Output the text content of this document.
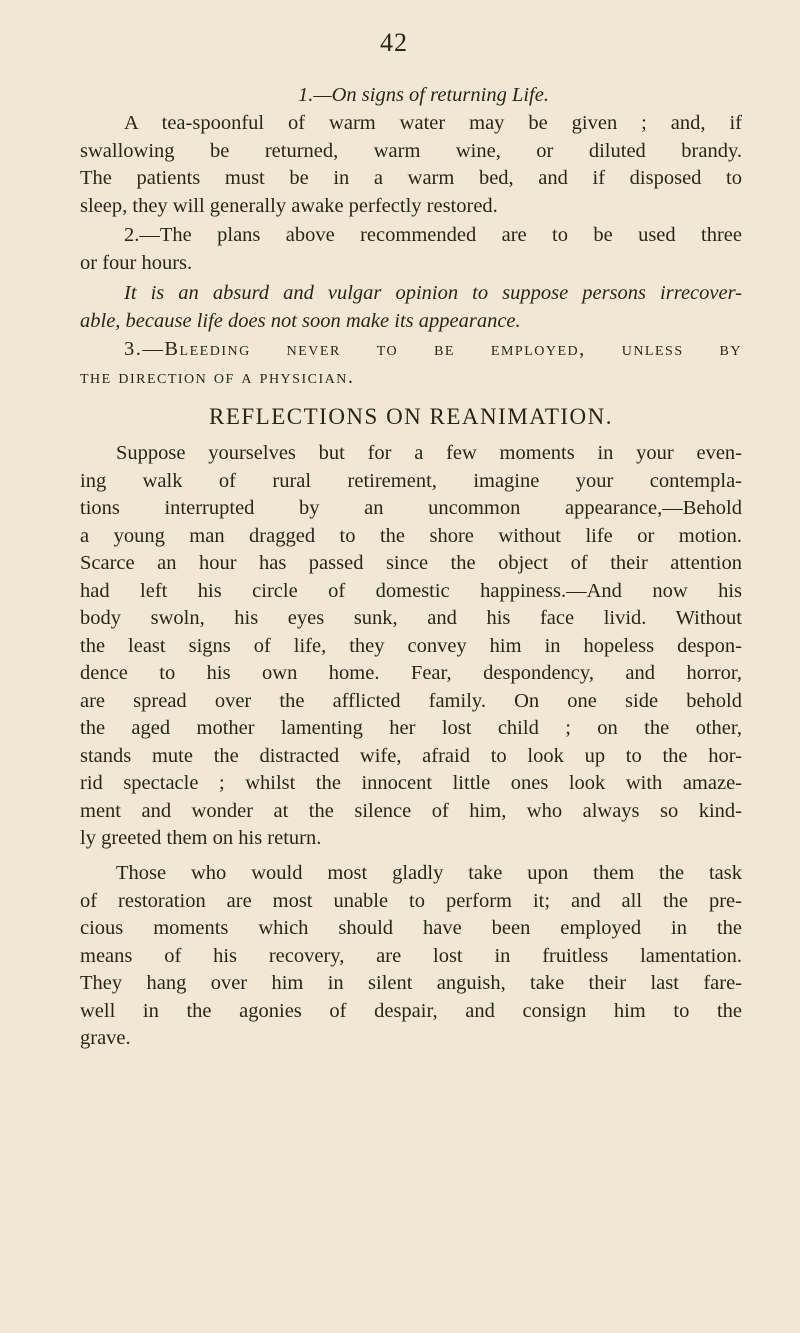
42
1.—On signs of returning Life.
A tea-spoonful of warm water may be given ; and, if
swallowing be returned, warm wine, or diluted brandy.
The patients must be in a warm bed, and if disposed to
sleep, they will generally awake perfectly restored.
2.—The plans above recommended are to be used three
or four hours.
It is an absurd and vulgar opinion to suppose persons irrecover-
able, because life does not soon make its appearance.
3.—Bleeding never to be employed, unless by
the direction of a physician.
REFLECTIONS ON REANIMATION.
Suppose yourselves but for a few moments in your even-
ing walk of rural retirement, imagine your contempla-
tions interrupted by an uncommon appearance,—Behold
a young man dragged to the shore without life or motion.
Scarce an hour has passed since the object of their attention
had left his circle of domestic happiness.—And now his
body swoln, his eyes sunk, and his face livid. Without
the least signs of life, they convey him in hopeless despon-
dence to his own home. Fear, despondency, and horror,
are spread over the afflicted family. On one side behold
the aged mother lamenting her lost child ; on the other,
stands mute the distracted wife, afraid to look up to the hor-
rid spectacle ; whilst the innocent little ones look with amaze-
ment and wonder at the silence of him, who always so kind-
ly greeted them on his return.
Those who would most gladly take upon them the task
of restoration are most unable to perform it; and all the pre-
cious moments which should have been employed in the
means of his recovery, are lost in fruitless lamentation.
They hang over him in silent anguish, take their last fare-
well in the agonies of despair, and consign him to the
grave.
